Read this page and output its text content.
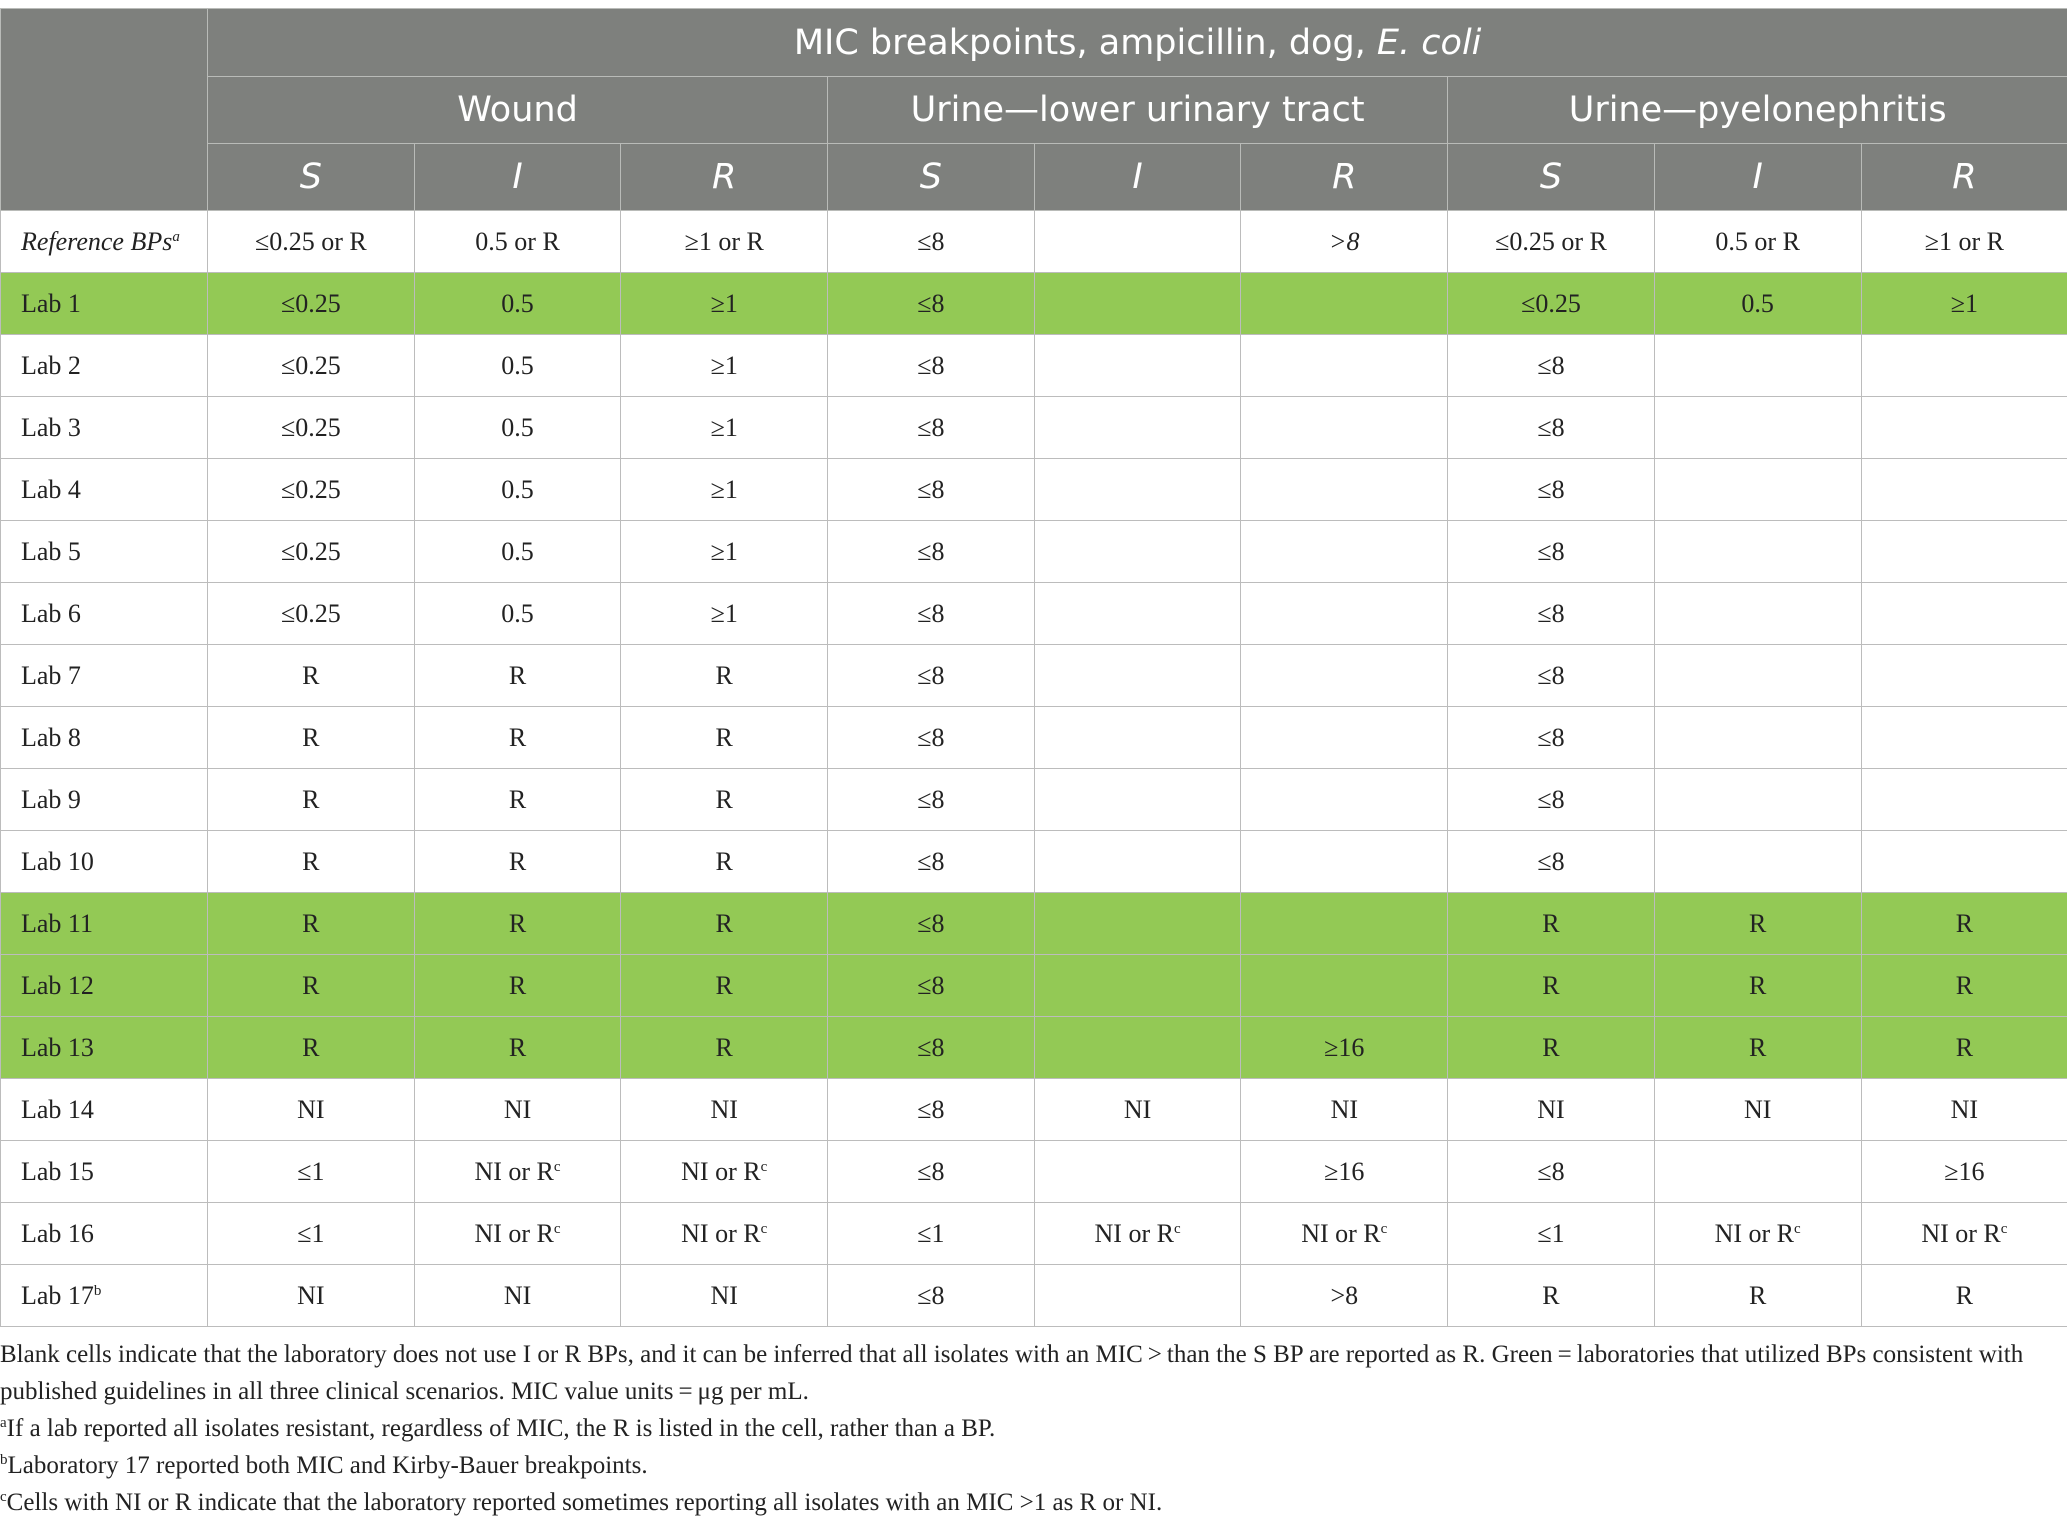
	MIC breakpoints, ampicillin, dog, E. coli								
	Wound			Urine—lower urinary tract			Urine—pyelonephritis		
	S	I	R	S	I	R	S	I	R
Reference BPs$^a$	≤0.25 or R	0.5 or R	≥1 or R	≤8		>8	≤0.25 or R	0.5 or R	≥1 or R
Lab 1	≤0.25	0.5	≥1	≤8			≤0.25	0.5	≥1
Lab 2	≤0.25	0.5	≥1	≤8			≤8		
Lab 3	≤0.25	0.5	≥1	≤8			≤8		
Lab 4	≤0.25	0.5	≥1	≤8			≤8		
Lab 5	≤0.25	0.5	≥1	≤8			≤8		
Lab 6	≤0.25	0.5	≥1	≤8			≤8		
Lab 7	R	R	R	≤8			≤8		
Lab 8	R	R	R	≤8			≤8		
Lab 9	R	R	R	≤8			≤8		
Lab 10	R	R	R	≤8			≤8		
Lab 11	R	R	R	≤8			R	R	R
Lab 12	R	R	R	≤8			R	R	R
Lab 13	R	R	R	≤8		≥16	R	R	R
Lab 14	NI	NI	NI	≤8	NI	NI	NI	NI	NI
Lab 15	≤1	NI or $R^c$	NI or $R^c$	≤8		≥16	≤8		≥16
Lab 16	≤1	NI or $R^c$	NI or $R^c$	≤1	NI or $R^c$	NI or $R^c$	≤1	NI or $R^c$	NI or $R^c$
Lab 17$^b$	NI	NI	NI	≤8		>8	R	R	R

Blank cells indicate that the laboratory does not use I or R BPs, and it can be inferred that all isolates with an MIC > than the S BP are reported as R. Green = laboratories that utilized BPs consistent with published guidelines in all three clinical scenarios. MIC value units = μg per mL.

$^a$If a lab reported all isolates resistant, regardless of MIC, the R is listed in the cell, rather than a BP.

$^b$Laboratory 17 reported both MIC and Kirby-Bauer breakpoints.

$^c$Cells with NI or R indicate that the laboratory reported sometimes reporting all isolates with an MIC >1 as R or NI.
